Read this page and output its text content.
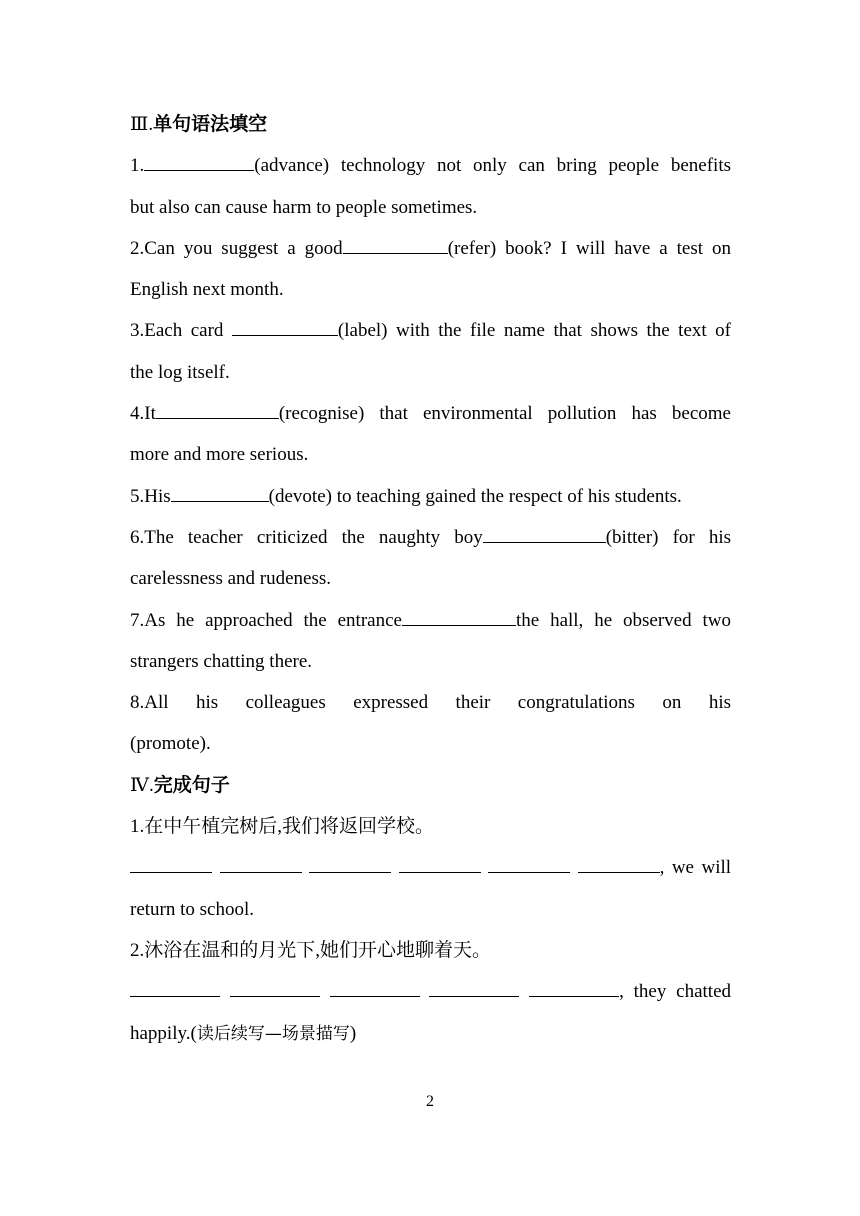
Ⅲ.单句语法填空

1.	(advance) technology not only can bring people benefits

but also can cause harm to people sometimes.

2.Can you suggest a good	(refer) book? I will have a test on

English next month.

3.Each card	(label) with the file name that shows the text of

the log itself.

4.It	(recognise) that environmental pollution has become

more and more serious.

5.His	(devote) to teaching gained the respect of his students.

6.The teacher criticized the naughty boy	(bitter) for his

carelessness and rudeness.

7.As he approached the entrance	the hall, he observed two

strangers chatting there.

8.All his colleagues expressed their congratulations on his

(promote).

Ⅳ.完成句子

1.在中午植完树后,我们将返回学校。

, we will

return to school.

2.沐浴在温和的月光下,她们开心地聊着天。

, they chatted

happily.(读后续写—场景描写)

2
